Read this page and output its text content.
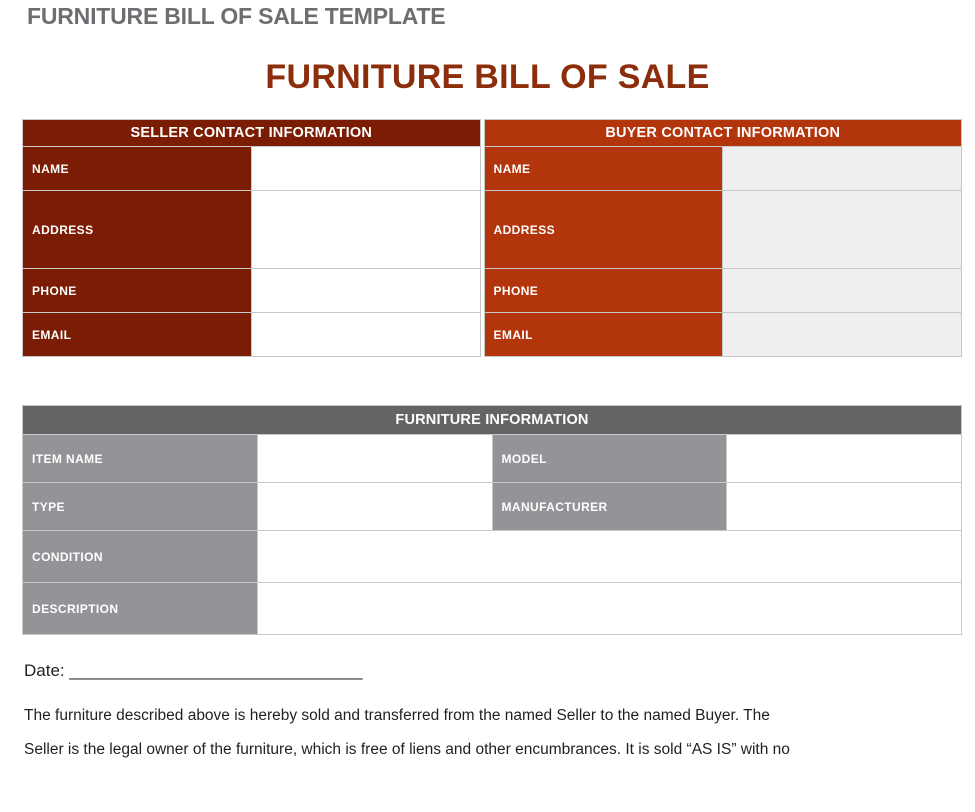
FURNITURE BILL OF SALE TEMPLATE
FURNITURE BILL OF SALE
SELLER CONTACT INFORMATION	
NAME	
ADDRESS	
PHONE	
EMAIL	
BUYER CONTACT INFORMATION	
NAME	
ADDRESS	
PHONE	
EMAIL	
FURNITURE INFORMATION			
ITEM NAME		MODEL	
TYPE		MANUFACTURER	
CONDITION			
DESCRIPTION			
Date: _______________________________
The furniture described above is hereby sold and transferred from the named Seller to the named Buyer. The
Seller is the legal owner of the furniture, which is free of liens and other encumbrances. It is sold “AS IS” with no
